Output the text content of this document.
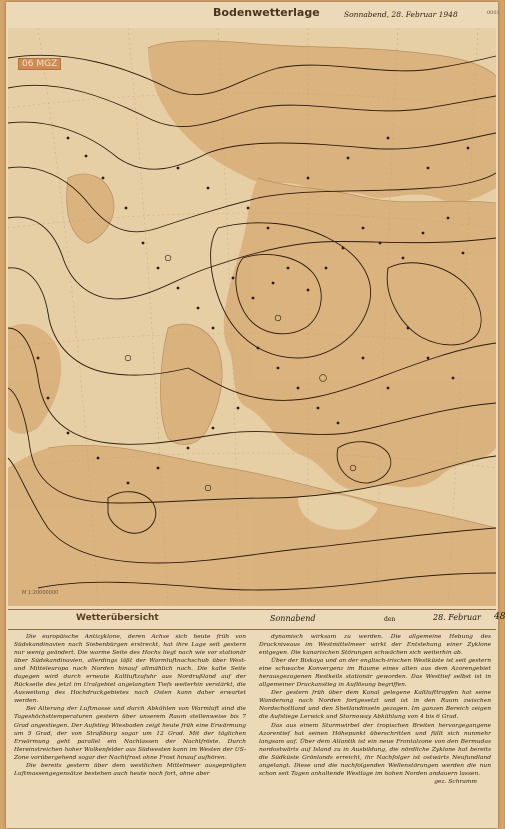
0001
Bodenwetterlage	Sonnabend, 28. Februar 1948
06 MGZ
M 1:20000000
Wetterübersicht	Sonnabend	den	28. Februar 48

Die europäische Antizyklone, deren Achse sich heute früh von Südskandinavien nach Siebenbürgen erstreckt, hat ihre Lage seit gestern nur wenig geändert. Die warme Seite des Hochs liegt nach wie vor stationär über Südskandinavien, allerdings läßt der Warmluftnachschub über West- und Mitteleuropa nach Norden hinauf allmählich nach. Die kalte Seite dagegen wird durch erneute Kaltluftzufuhr aus Nordrußland auf der Rückseite des jetzt im Uralgebiet angelangten Tiefs weiterhin verstärkt, die Ausweitung des Hochdruckgebietes nach Osten kann daher erwartet werden.

Bei Alterung der Luftmasse und durch Abkühlen von Warmluft sind die Tageshöchsttemperaturen gestern über unserem Raum stellenweise bis 7 Grad angestiegen. Der Aufstieg Wiesbaden zeigt heute früh eine Erwärmung um 5 Grad, der von Straßburg sogar um 12 Grad. Mit der täglichen Erwärmung geht parallel ein Nachlassen der Nachtfröste. Durch Hereinstreichen hoher Wolkenfelder aus Südwesten kann im Westen der US-Zone vorübergehend sogar der Nachtfrost ohne Frost hinauf aufhören.

Die bereits gestern über dem westlichen Mittelmeer ausgeprägten Luftmassengegensätze bestehen auch heute noch fort, ohne aber

dynamisch wirksam zu werden. Die allgemeine Hebung des Druckniveaus im Westmittelmeer wirkt der Entstehung einer Zyklone entgegen. Die kanarischen Störungen schwächen sich weiterhin ab.

Über der Biskaya und an der englisch-irischen Westküste ist seit gestern eine schwache Konvergenz im Raume eines alten aus dem Azorengebiet herausgezogenen Restkeils stationär geworden. Das Westtief selbst ist in allgemeiner Druckanstieg in Auflösung begriffen.

Der gestern früh über dem Kanal gelegene Kaltlufttropfen hat seine Wanderung nach Norden fortgesetzt und ist in den Raum zwischen Nordschottland und den Shetlandinseln gezogen. Im ganzen Bereich zeigen die Aufstiege Lerwick und Stornoway Abkühlung von 4 bis 6 Grad.

Das aus einem Sturmwirbel der tropischen Breiten hervorgegangene Azorentief hat seinen Höhepunkt überschritten und füllt sich nunmehr langsam auf. Über dem Atlantik ist ein neue Frontalzone von den Bermudas nordostwärts auf Island zu in Ausbildung, die nördliche Zyklone hat bereits die Südküste Grönlands erreicht, ihr Nachfolger ist ostwärts Neufundland angelangt. Diese und die nachfolgenden Wellenstörungen werden die nun schon seit Tagen anhaltende Westlage im hohen Norden andauern lassen.

gez. Schramm
